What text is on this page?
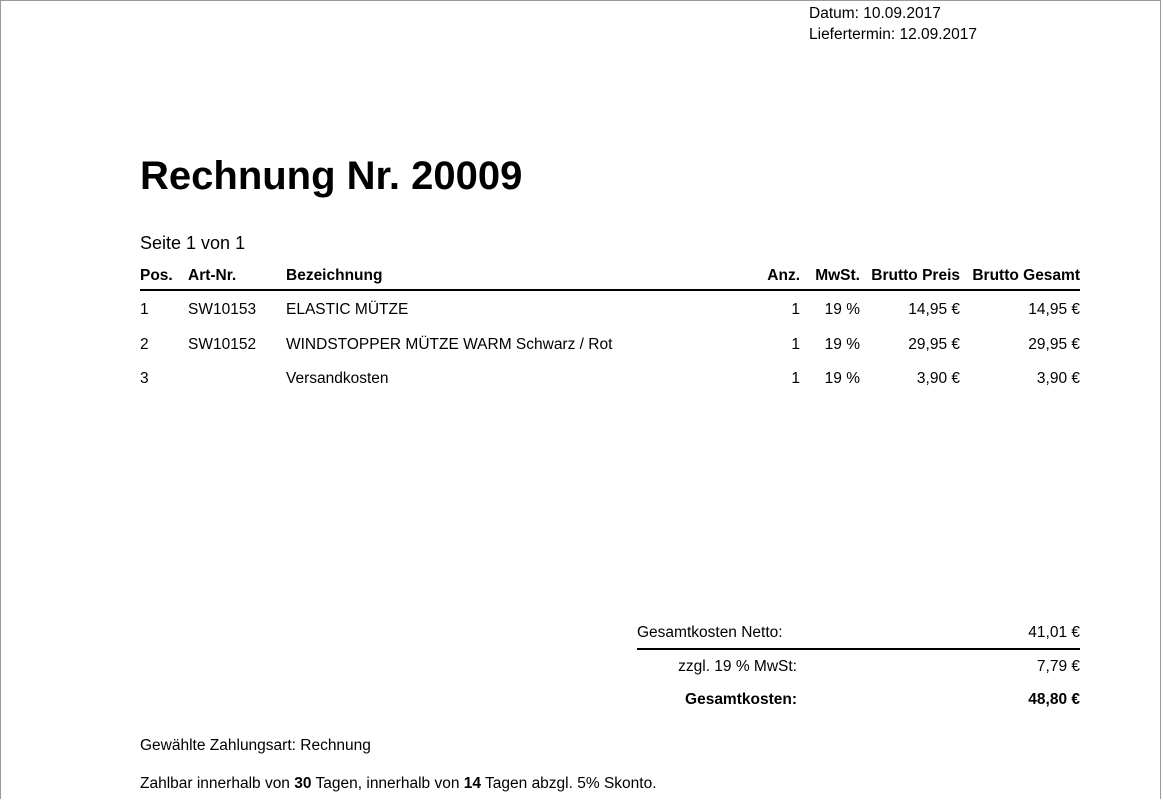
Datum: 10.09.2017
Liefertermin: 12.09.2017
Rechnung Nr. 20009
Seite 1 von 1
Pos.	Art-Nr.	Bezeichnung	Anz.	MwSt.	Brutto Preis	Brutto Gesamt
1	SW10153	ELASTIC MÜTZE	1	19 %	14,95 €	14,95 €
2	SW10152	WINDSTOPPER MÜTZE WARM Schwarz / Rot	1	19 %	29,95 €	29,95 €
3		Versandkosten	1	19 %	3,90 €	3,90 €
Gesamtkosten Netto:	41,01 €
zzgl. 19 % MwSt:	7,79 €
Gesamtkosten:	48,80 €
Gewählte Zahlungsart: Rechnung
Zahlbar innerhalb von 30 Tagen, innerhalb von 14 Tagen abzgl. 5% Skonto.
